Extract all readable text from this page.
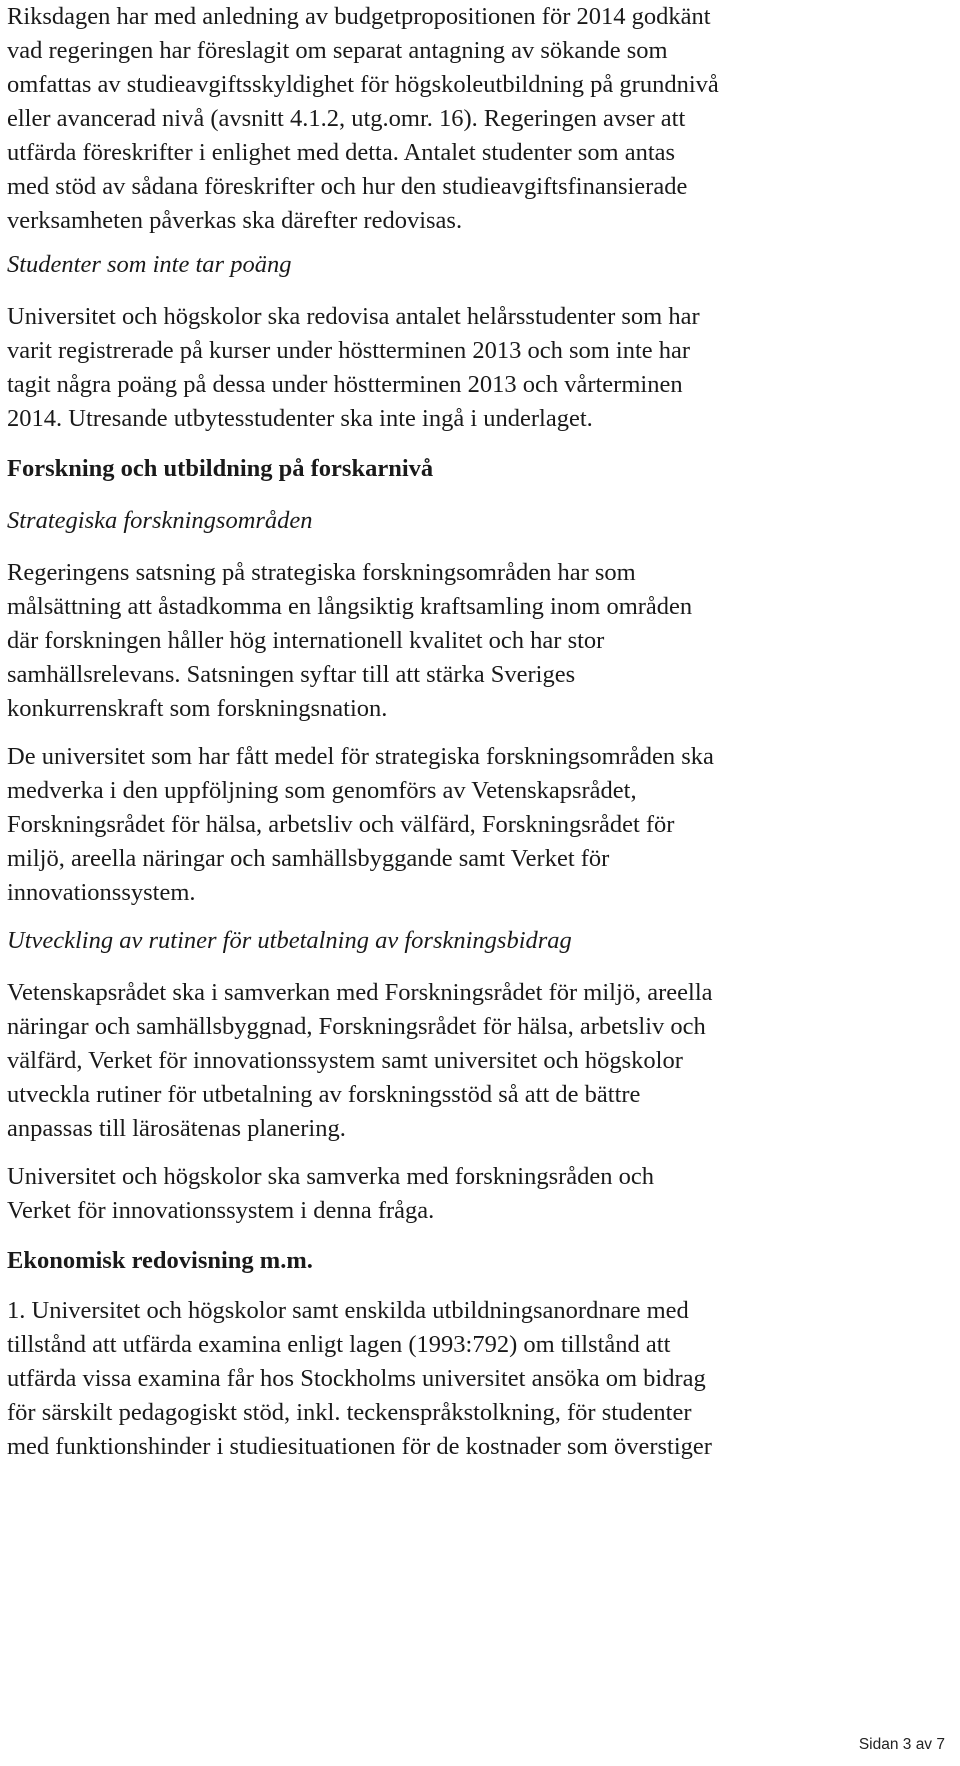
Riksdagen har med anledning av budgetpropositionen för 2014 godkänt
vad regeringen har föreslagit om separat antagning av sökande som
omfattas av studieavgiftsskyldighet för högskoleutbildning på grundnivå
eller avancerad nivå (avsnitt 4.1.2, utg.omr. 16). Regeringen avser att
utfärda föreskrifter i enlighet med detta. Antalet studenter som antas
med stöd av sådana föreskrifter och hur den studieavgiftsfinansierade
verksamheten påverkas ska därefter redovisas.

Studenter som inte tar poäng

Universitet och högskolor ska redovisa antalet helårsstudenter som har
varit registrerade på kurser under höstterminen 2013 och som inte har
tagit några poäng på dessa under höstterminen 2013 och vårterminen
2014. Utresande utbytesstudenter ska inte ingå i underlaget.

Forskning och utbildning på forskarnivå
Strategiska forskningsområden

Regeringens satsning på strategiska forskningsområden har som
målsättning att åstadkomma en långsiktig kraftsamling inom områden
där forskningen håller hög internationell kvalitet och har stor
samhällsrelevans. Satsningen syftar till att stärka Sveriges
konkurrenskraft som forskningsnation.

De universitet som har fått medel för strategiska forskningsområden ska
medverka i den uppföljning som genomförs av Vetenskapsrådet,
Forskningsrådet för hälsa, arbetsliv och välfärd, Forskningsrådet för
miljö, areella näringar och samhällsbyggande samt Verket för
innovationssystem.

Utveckling av rutiner för utbetalning av forskningsbidrag

Vetenskapsrådet ska i samverkan med Forskningsrådet för miljö, areella
näringar och samhällsbyggnad, Forskningsrådet för hälsa, arbetsliv och
välfärd, Verket för innovationssystem samt universitet och högskolor
utveckla rutiner för utbetalning av forskningsstöd så att de bättre
anpassas till lärosätenas planering.

Universitet och högskolor ska samverka med forskningsråden och
Verket för innovationssystem i denna fråga.

Ekonomisk redovisning m.m.

1. Universitet och högskolor samt enskilda utbildningsanordnare med
tillstånd att utfärda examina enligt lagen (1993:792) om tillstånd att
utfärda vissa examina får hos Stockholms universitet ansöka om bidrag
för särskilt pedagogiskt stöd, inkl. teckenspråkstolkning, för studenter
med funktionshinder i studiesituationen för de kostnader som överstiger

Sidan 3 av 7
